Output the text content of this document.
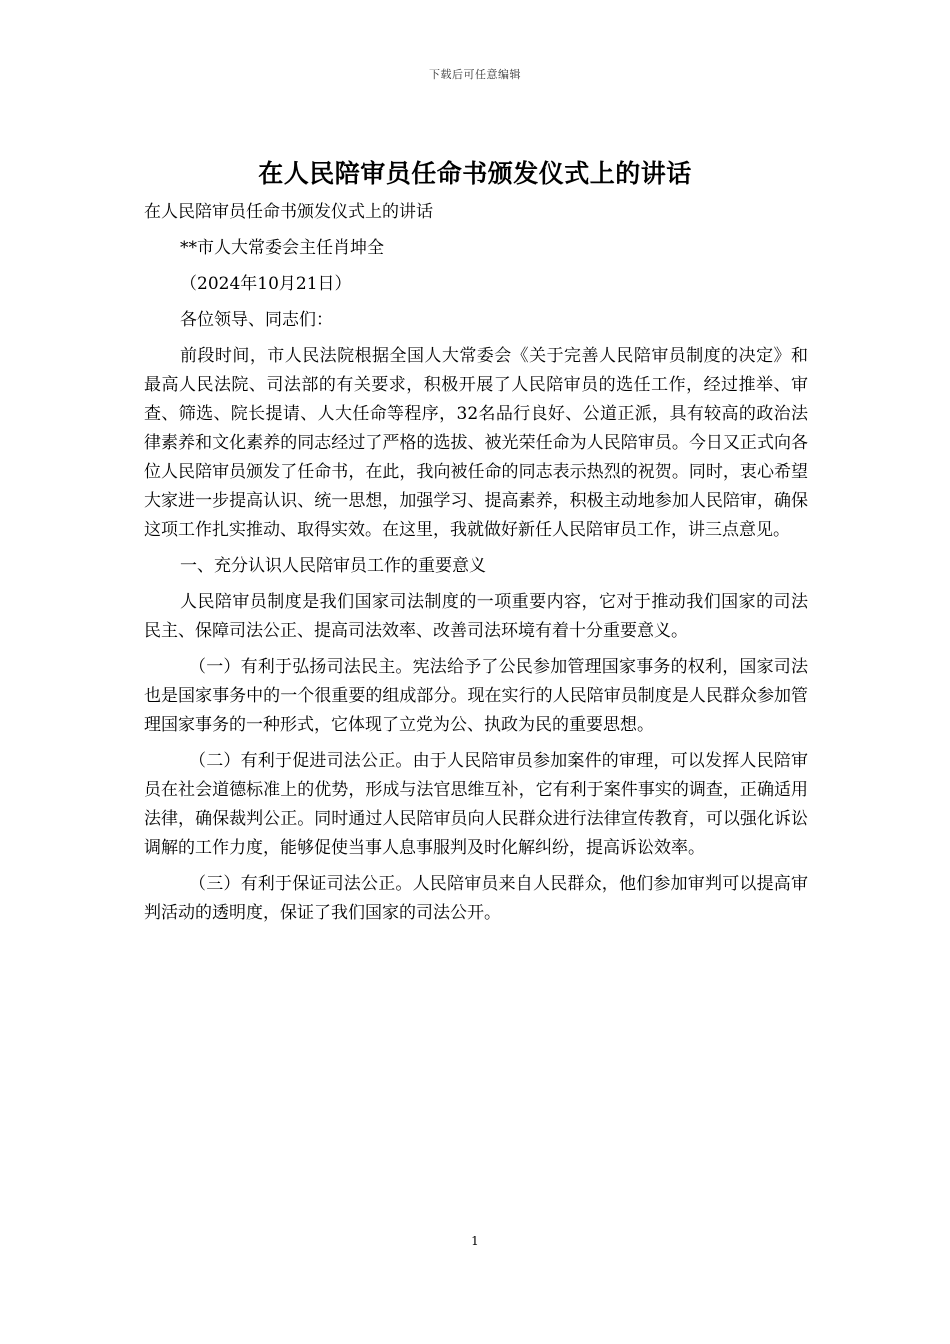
下载后可任意编辑
在人民陪审员任命书颁发仪式上的讲话

在人民陪审员任命书颁发仪式上的讲话

**市人大常委会主任肖坤全

（2024年10月21日）

各位领导、同志们：

前段时间，市人民法院根据全国人大常委会《关于完善人民陪审员制度的决定》和最高人民法院、司法部的有关要求，积极开展了人民陪审员的选任工作，经过推举、审查、筛选、院长提请、人大任命等程序，32名品行良好、公道正派，具有较高的政治法律素养和文化素养的同志经过了严格的选拔、被光荣任命为人民陪审员。今日又正式向各位人民陪审员颁发了任命书，在此，我向被任命的同志表示热烈的祝贺。同时，衷心希望大家进一步提高认识、统一思想，加强学习、提高素养，积极主动地参加人民陪审，确保这项工作扎实推动、取得实效。在这里，我就做好新任人民陪审员工作，讲三点意见。

一、充分认识人民陪审员工作的重要意义

人民陪审员制度是我们国家司法制度的一项重要内容，它对于推动我们国家的司法民主、保障司法公正、提高司法效率、改善司法环境有着十分重要意义。

（一）有利于弘扬司法民主。宪法给予了公民参加管理国家事务的权利，国家司法也是国家事务中的一个很重要的组成部分。现在实行的人民陪审员制度是人民群众参加管理国家事务的一种形式，它体现了立党为公、执政为民的重要思想。

（二）有利于促进司法公正。由于人民陪审员参加案件的审理，可以发挥人民陪审员在社会道德标准上的优势，形成与法官思维互补，它有利于案件事实的调查，正确适用法律，确保裁判公正。同时通过人民陪审员向人民群众进行法律宣传教育，可以强化诉讼调解的工作力度，能够促使当事人息事服判及时化解纠纷，提高诉讼效率。

（三）有利于保证司法公正。人民陪审员来自人民群众，他们参加审判可以提高审判活动的透明度，保证了我们国家的司法公开。

1
